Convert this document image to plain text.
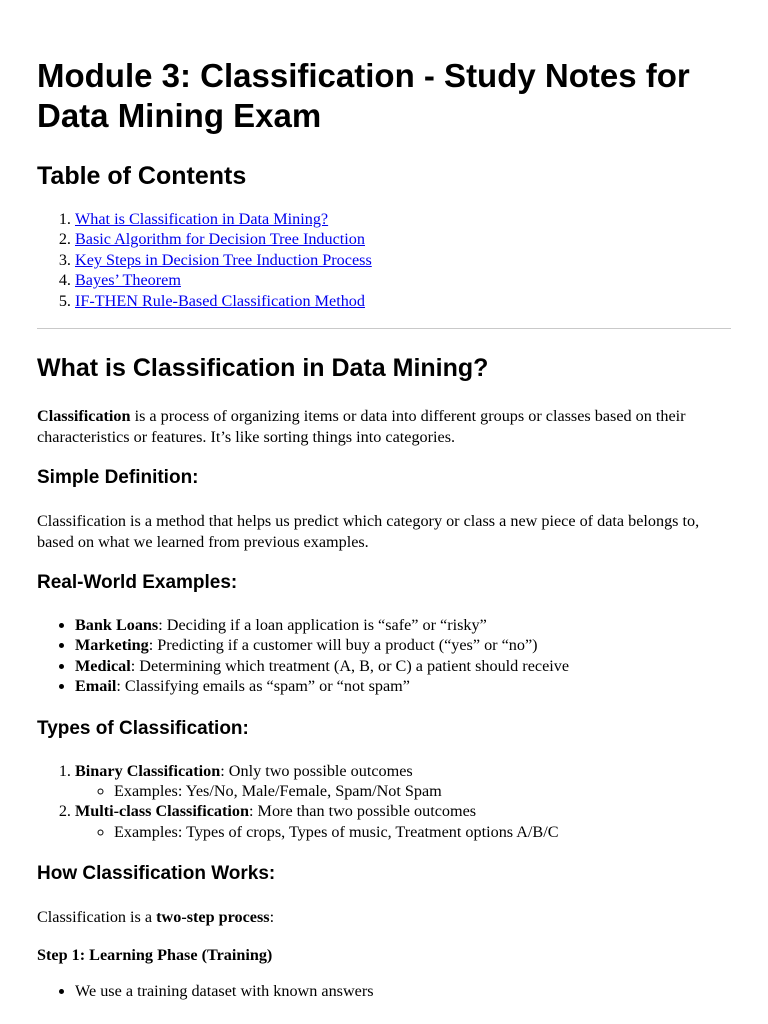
Module 3: Classification - Study Notes for Data Mining Exam
Table of Contents
1. What is Classification in Data Mining?
2. Basic Algorithm for Decision Tree Induction
3. Key Steps in Decision Tree Induction Process
4. Bayes’ Theorem
5. IF-THEN Rule-Based Classification Method
What is Classification in Data Mining?

Classification is a process of organizing items or data into different groups or classes based on their characteristics or features. It’s like sorting things into categories.

Simple Definition:

Classification is a method that helps us predict which category or class a new piece of data belongs to, based on what we learned from previous examples.

Real-World Examples:
• Bank Loans: Deciding if a loan application is “safe” or “risky”
• Marketing: Predicting if a customer will buy a product (“yes” or “no”)
• Medical: Determining which treatment (A, B, or C) a patient should receive
• Email: Classifying emails as “spam” or “not spam”
Types of Classification:
1. Binary Classification: Only two possible outcomes
◦ Examples: Yes/No, Male/Female, Spam/Not Spam
2. Multi-class Classification: More than two possible outcomes
◦ Examples: Types of crops, Types of music, Treatment options A/B/C
How Classification Works:

Classification is a two-step process:

Step 1: Learning Phase (Training)

• We use a training dataset with known answers
